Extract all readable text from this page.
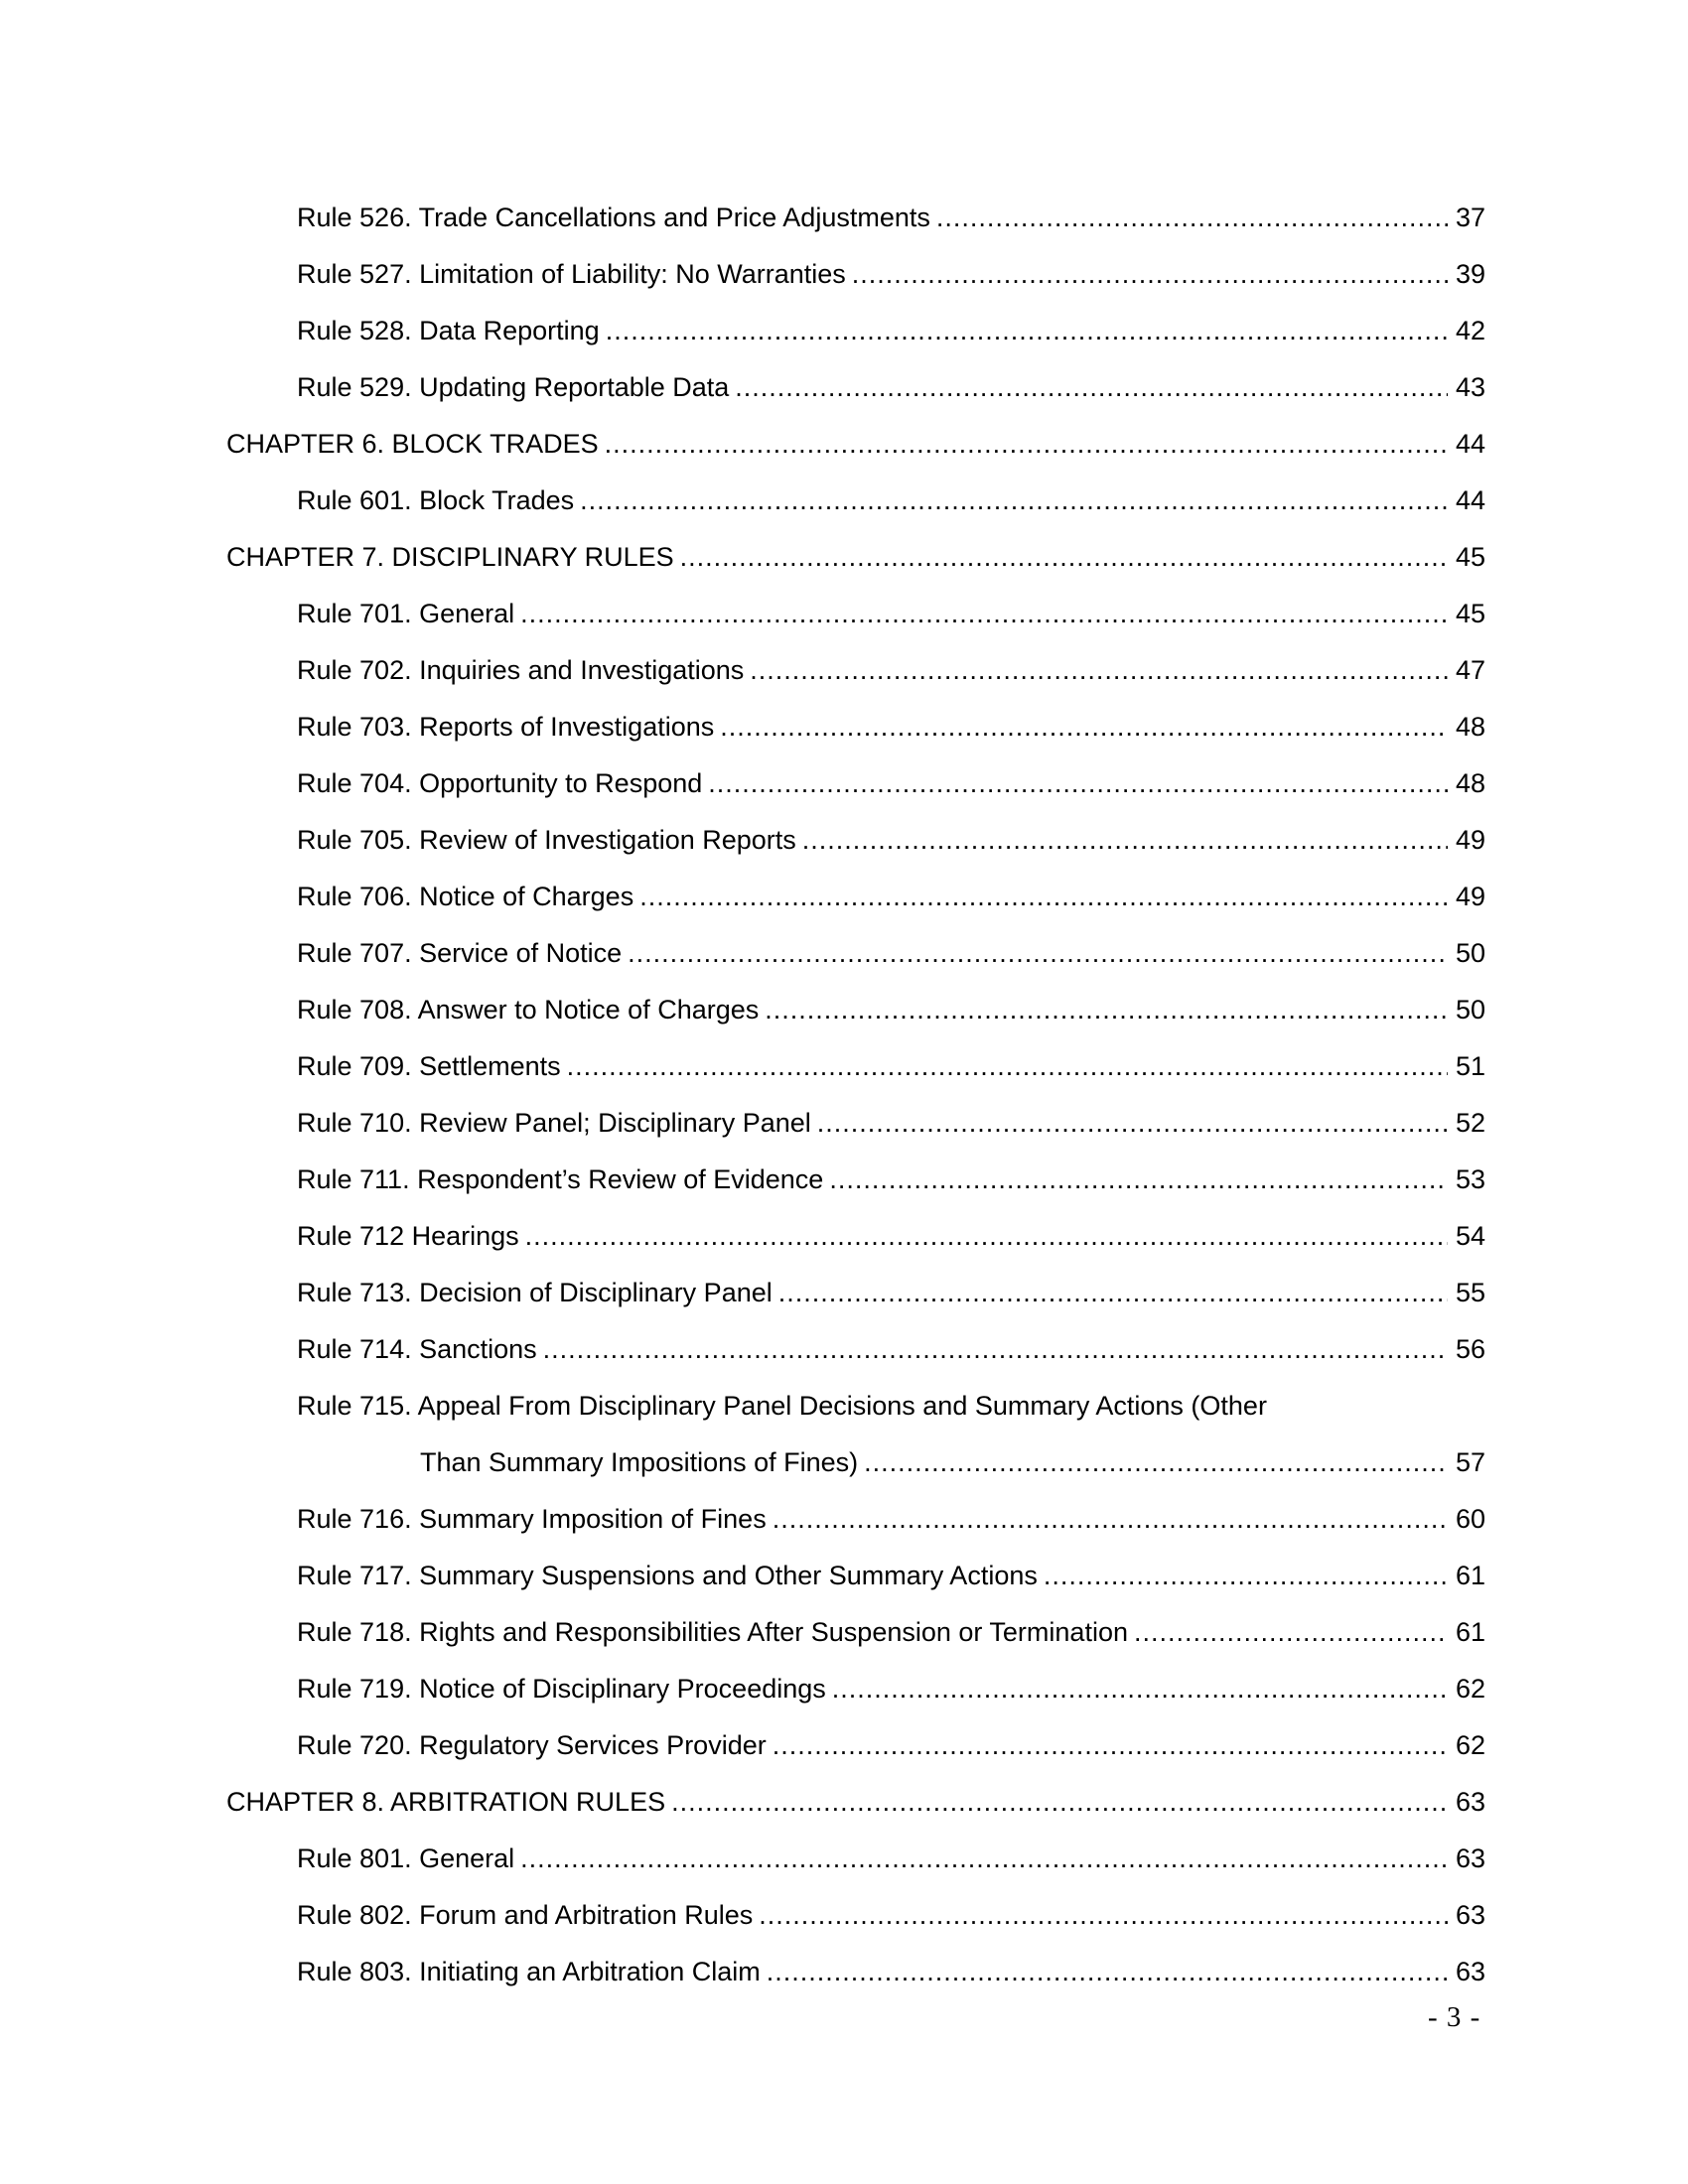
Rule 526. Trade Cancellations and Price Adjustments .....	37
Rule 527. Limitation of Liability: No Warranties .....	39
Rule 528. Data Reporting .....	42
Rule 529. Updating Reportable Data .....	43
CHAPTER 6. BLOCK TRADES .....	44
Rule 601. Block Trades .....	44
CHAPTER 7. DISCIPLINARY RULES .....	45
Rule 701. General .....	45
Rule 702. Inquiries and Investigations .....	47
Rule 703. Reports of Investigations .....	48
Rule 704. Opportunity to Respond .....	48
Rule 705. Review of Investigation Reports .....	49
Rule 706. Notice of Charges .....	49
Rule 707. Service of Notice .....	50
Rule 708. Answer to Notice of Charges .....	50
Rule 709. Settlements .....	51
Rule 710. Review Panel; Disciplinary Panel .....	52
Rule 711. Respondent’s Review of Evidence .....	53
Rule 712 Hearings .....	54
Rule 713. Decision of Disciplinary Panel .....	55
Rule 714. Sanctions .....	56
Rule 715. Appeal From Disciplinary Panel Decisions and Summary Actions (Other
Than Summary Impositions of Fines) .....	57
Rule 716. Summary Imposition of Fines .....	60
Rule 717. Summary Suspensions and Other Summary Actions .....	61
Rule 718. Rights and Responsibilities After Suspension or Termination .....	61
Rule 719. Notice of Disciplinary Proceedings .....	62
Rule 720. Regulatory Services Provider .....	62
CHAPTER 8. ARBITRATION RULES .....	63
Rule 801. General .....	63
Rule 802. Forum and Arbitration Rules .....	63
Rule 803. Initiating an Arbitration Claim .....	63
- 3 -
